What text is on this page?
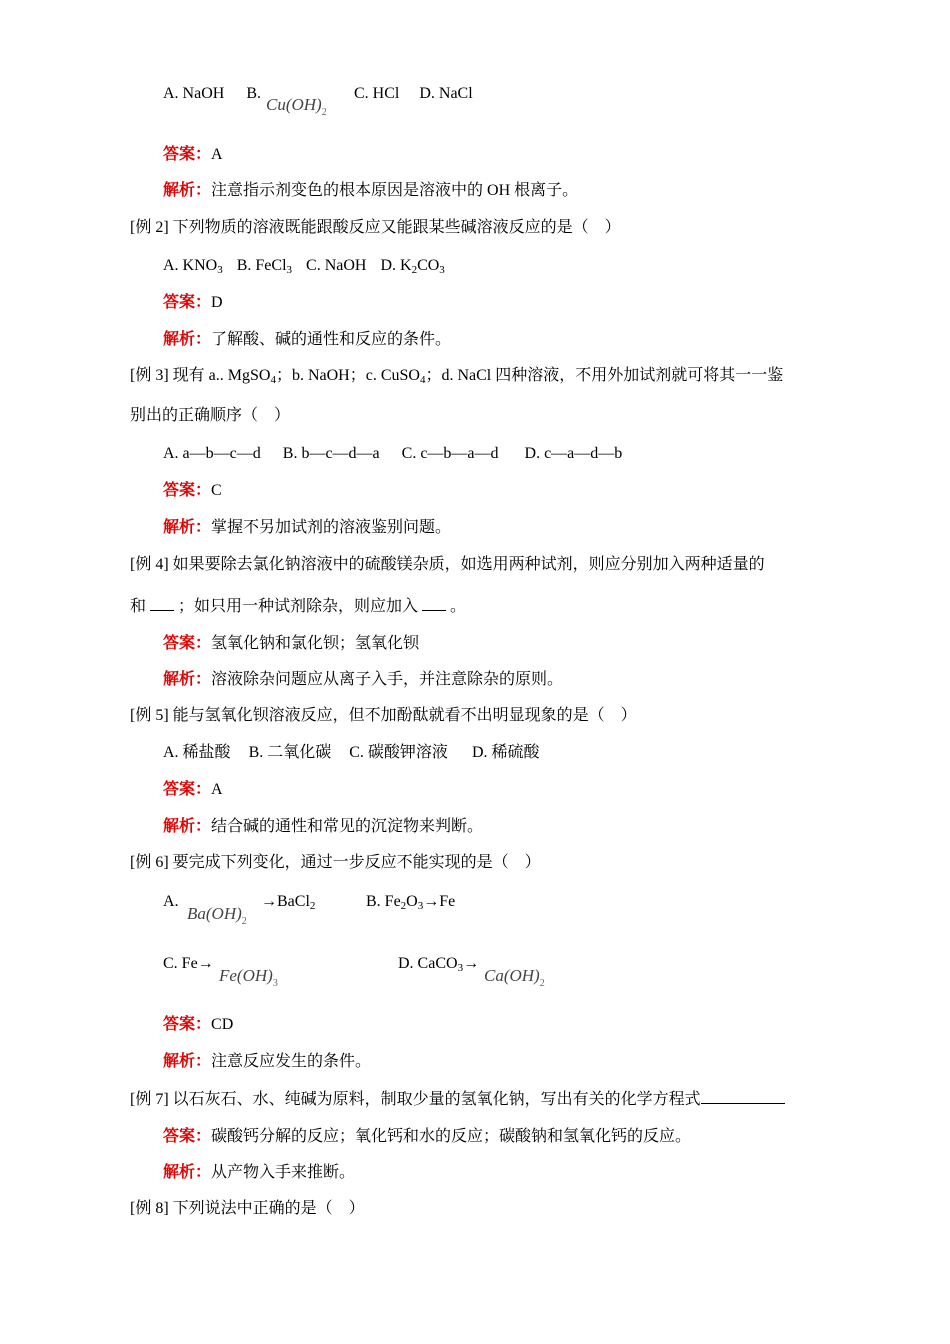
A. NaOH B.
$Cu(OH)_2$
C. HCl D. NaCl
答案：A
解析：注意指示剂变色的根本原因是溶液中的 OH 根离子。
[例 2] 下列物质的溶液既能跟酸反应又能跟某些碱溶液反应的是（　）
A. $KNO_3$ B. FeCl$_3$ C. NaOH D. $K_2CO_3$
答案：D
解析：了解酸、碱的通性和反应的条件。
[例 3] 现有 a.. MgSO$_4$；b. NaOH；c. CuSO$_4$；d. NaCl 四种溶液，不用外加试剂就可将其一一鉴
别出的正确顺序（　）
A. a—b—c—d B. b—c—d—a C. c—b—a—d D. c—a—d—b
答案：C
解析：掌握不另加试剂的溶液鉴别问题。
[例 4] 如果要除去氯化钠溶液中的硫酸镁杂质，如选用两种试剂，则应分别加入两种适量的
和 ；如只用一种试剂除杂，则应加入 。
答案：氢氧化钠和氯化钡；氢氧化钡
解析：溶液除杂问题应从离子入手，并注意除杂的原则。
[例 5] 能与氢氧化钡溶液反应，但不加酚酞就看不出明显现象的是（　）
A. 稀盐酸 B. 二氧化碳 C. 碳酸钾溶液 D. 稀硫酸
答案：A
解析：结合碱的通性和常见的沉淀物来判断。
[例 6] 要完成下列变化，通过一步反应不能实现的是（　）
A.
$Ba(OH)_2$
→BaCl$_2$	B. $Fe_2O_3\to Fe$
C. Fe→
$Fe(OH)_3$
D. CaCO$_3$→
$Ca(OH)_2$
答案：CD
解析：注意反应发生的条件。
[例 7] 以石灰石、水、纯碱为原料，制取少量的氢氧化钠，写出有关的化学方程式
答案：碳酸钙分解的反应；氧化钙和水的反应；碳酸钠和氢氧化钙的反应。
解析：从产物入手来推断。
[例 8] 下列说法中正确的是（　）
